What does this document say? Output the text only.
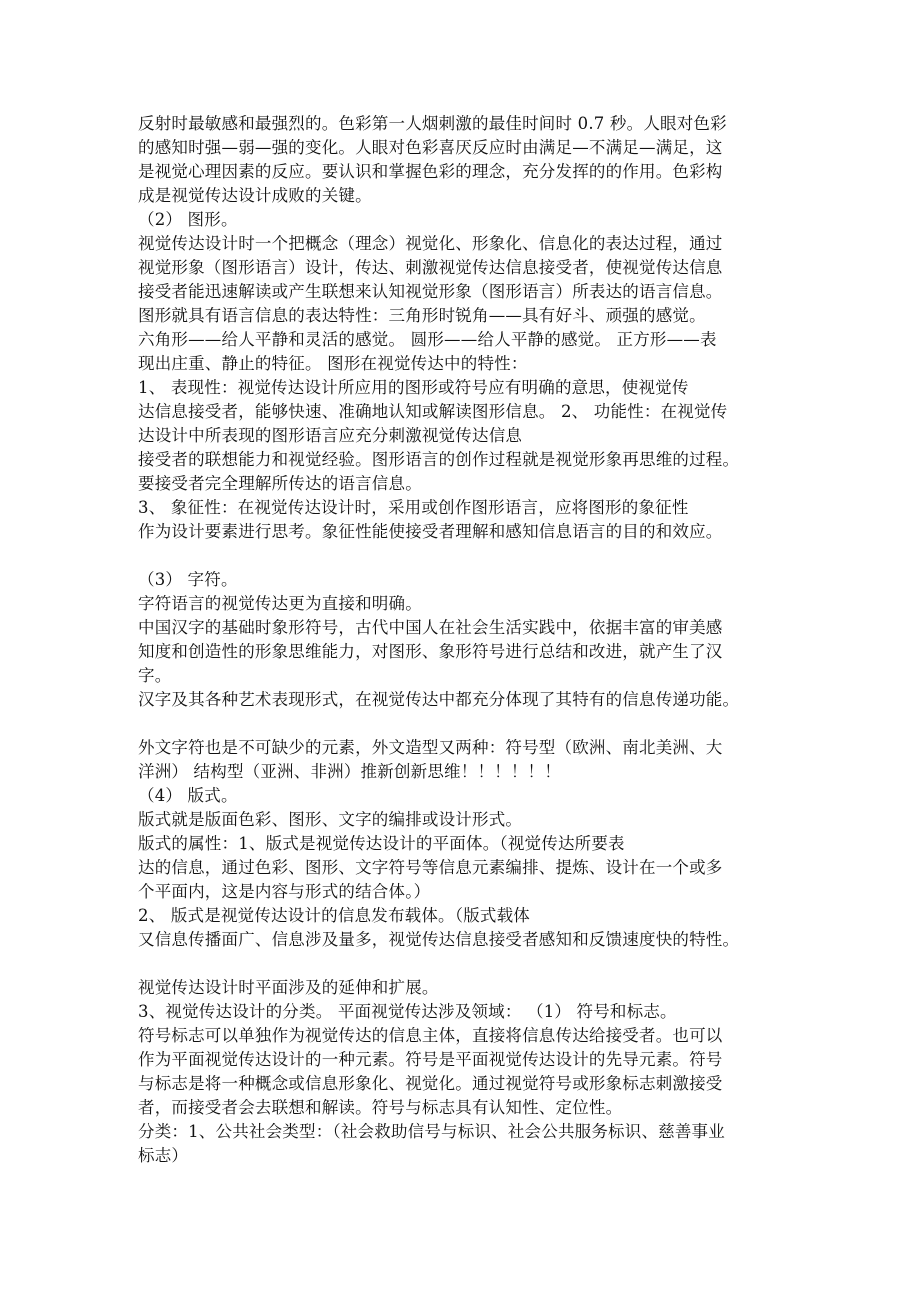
反射时最敏感和最强烈的。色彩第一人烟刺激的最佳时间时 0.7 秒。人眼对色彩
的感知时强—弱—强的变化。人眼对色彩喜厌反应时由满足—不满足—满足，这
是视觉心理因素的反应。要认识和掌握色彩的理念，充分发挥的的作用。色彩构
成是视觉传达设计成败的关键。
（2） 图形。
视觉传达设计时一个把概念（理念）视觉化、形象化、信息化的表达过程，通过
视觉形象（图形语言）设计，传达、刺激视觉传达信息接受者，使视觉传达信息
接受者能迅速解读或产生联想来认知视觉形象（图形语言）所表达的语言信息。
图形就具有语言信息的表达特性：三角形时锐角——具有好斗、顽强的感觉。
六角形——给人平静和灵活的感觉。 圆形——给人平静的感觉。 正方形——表
现出庄重、静止的特征。 图形在视觉传达中的特性：
1、 表现性：视觉传达设计所应用的图形或符号应有明确的意思，使视觉传
达信息接受者，能够快速、准确地认知或解读图形信息。 2、 功能性：在视觉传
达设计中所表现的图形语言应充分刺激视觉传达信息
接受者的联想能力和视觉经验。图形语言的创作过程就是视觉形象再思维的过程。
要接受者完全理解所传达的语言信息。
3、 象征性：在视觉传达设计时，采用或创作图形语言，应将图形的象征性
作为设计要素进行思考。象征性能使接受者理解和感知信息语言的目的和效应。
（3） 字符。
字符语言的视觉传达更为直接和明确。
中国汉字的基础时象形符号，古代中国人在社会生活实践中，依据丰富的审美感
知度和创造性的形象思维能力，对图形、象形符号进行总结和改进，就产生了汉
字。
汉字及其各种艺术表现形式，在视觉传达中都充分体现了其特有的信息传递功能。
外文字符也是不可缺少的元素，外文造型又两种：符号型（欧洲、南北美洲、大
洋洲） 结构型（亚洲、非洲）推新创新思维！！！！！！
（4） 版式。
版式就是版面色彩、图形、文字的编排或设计形式。
版式的属性：1、版式是视觉传达设计的平面体。（视觉传达所要表
达的信息，通过色彩、图形、文字符号等信息元素编排、提炼、设计在一个或多
个平面内，这是内容与形式的结合体。）
2、 版式是视觉传达设计的信息发布载体。（版式载体
又信息传播面广、信息涉及量多，视觉传达信息接受者感知和反馈速度快的特性。
视觉传达设计时平面涉及的延伸和扩展。
3、视觉传达设计的分类。 平面视觉传达涉及领域： （1） 符号和标志。
符号标志可以单独作为视觉传达的信息主体，直接将信息传达给接受者。也可以
作为平面视觉传达设计的一种元素。符号是平面视觉传达设计的先导元素。符号
与标志是将一种概念或信息形象化、视觉化。通过视觉符号或形象标志刺激接受
者，而接受者会去联想和解读。符号与标志具有认知性、定位性。
分类：1、公共社会类型：（社会救助信号与标识、社会公共服务标识、慈善事业
标志）
